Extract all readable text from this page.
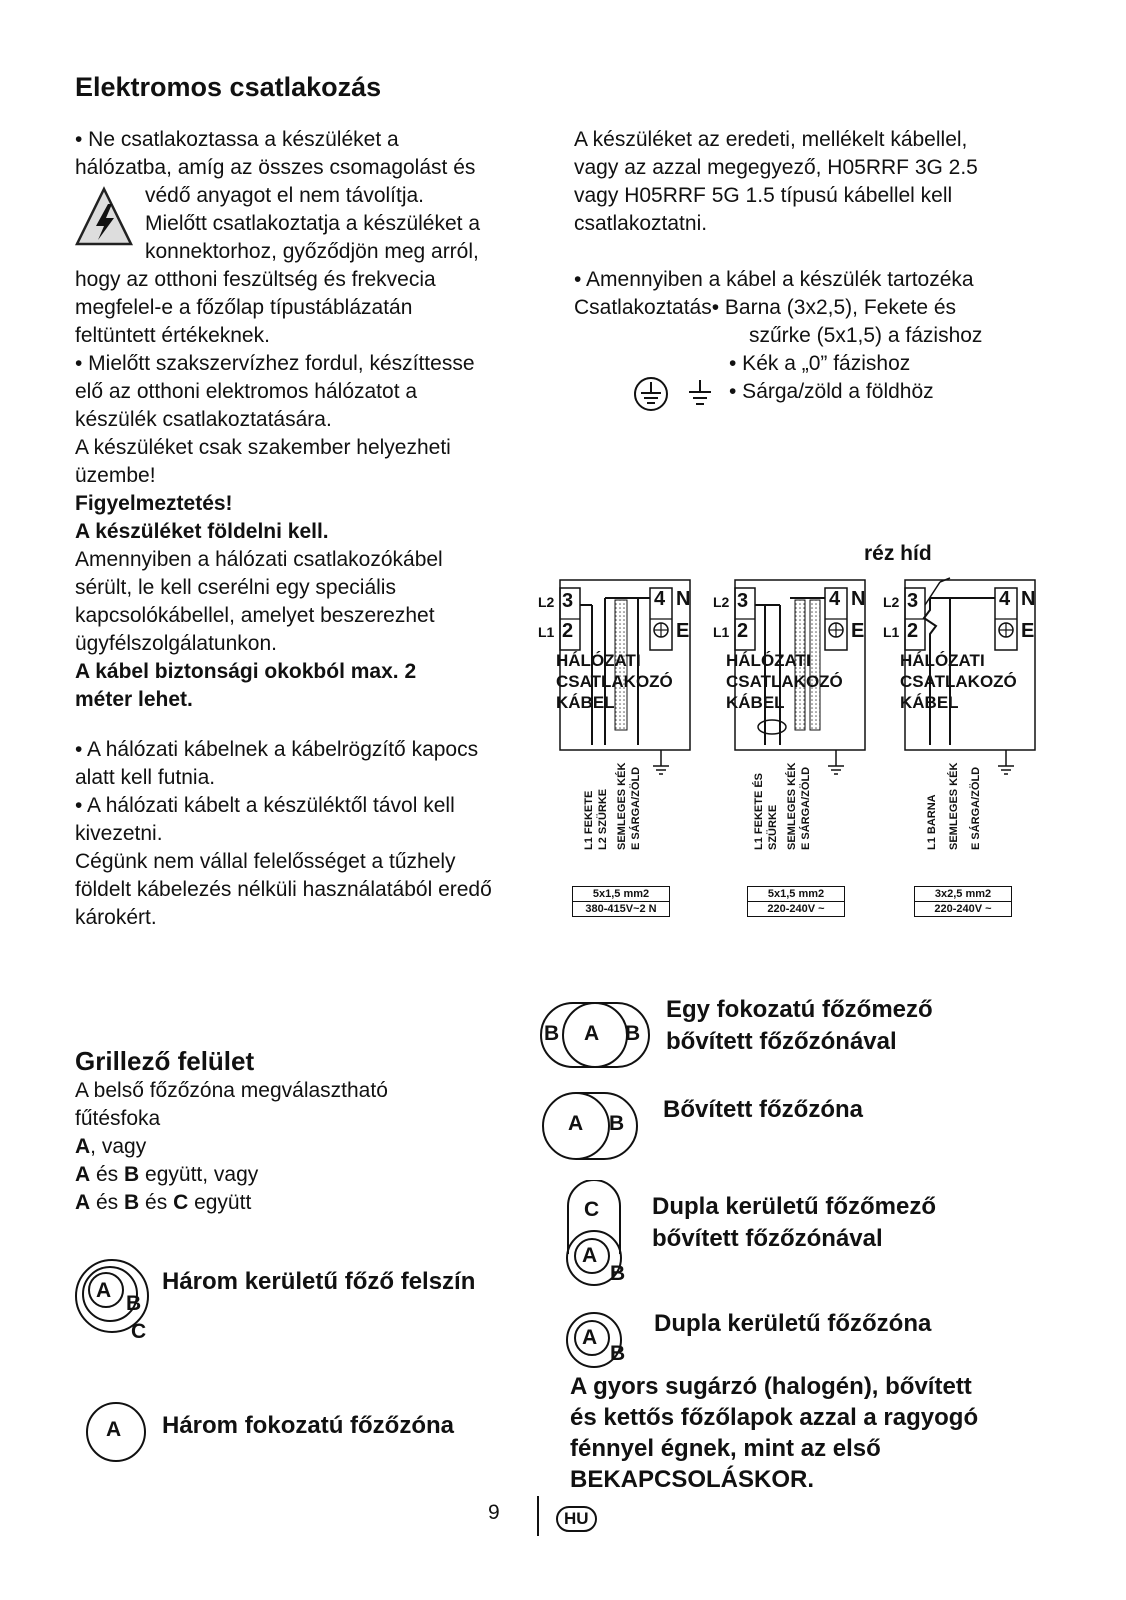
Elektromos csatlakozás
• Ne csatlakoztassa a készüléket a
hálózatba, amíg az összes csomagolást és
védő anyagot el nem távolítja.
Mielőtt csatlakoztatja a készüléket a
konnektorhoz, győződjön meg arról,
hogy az otthoni feszültség és frekvecia
megfelel-e a főzőlap típustáblázatán
feltüntett értékeknek.
• Mielőtt szakszervízhez fordul, készíttesse
elő az otthoni elektromos hálózatot a
készülék csatlakoztatására.
A készüléket csak szakember helyezheti
üzembe!
Figyelmeztetés!
A készüléket földelni kell.
Amennyiben a hálózati csatlakozókábel
sérült, le kell cserélni egy speciális
kapcsolókábellel, amelyet beszerezhet
ügyfélszolgálatunkon.
A kábel biztonsági okokból max. 2
méter lehet.
• A hálózati kábelnek a kábelrögzítő kapocs
alatt kell futnia.
• A hálózati kábelt a készüléktől távol kell
kivezetni.
Cégünk nem vállal felelősséget a tűzhely
földelt kábelezés nélküli használatából eredő
károkért.
A készüléket az eredeti, mellékelt kábellel,
vagy az azzal megegyező, H05RRF 3G 2.5
vagy H05RRF 5G 1.5 típusú kábellel kell
csatlakoztatni.
• Amennyiben a kábel a készülék tartozéka
Csatlakoztatás • Barna (3x2,5), Fekete és
szűrke (5x1,5) a fázishoz
• Kék a „0” fázishoz
• Sárga/zöld a földhöz
réz híd
L2
L1
3
2
4 N
E
L2
L1
3
2
4 N
E
L2
L1
3
2
4 N
E
HÁLÓZATI
CSATLAKOZÓ
KÁBEL
HÁLÓZATI
CSATLAKOZÓ
KÁBEL
HÁLÓZATI
CSATLAKOZÓ
KÁBEL
L1 FEKETE L2 SZÜRKE SEMLEGES KÉK E SÁRGA/ZÖLD	L1 FEKETE ÉS SZÜRKE SEMLEGES KÉK E SÁRGA/ZÖLD	L1 BARNA SEMLEGES KÉK E SÁRGA/ZÖLD
5x1,5 mm2
380-415V~2 N
5x1,5 mm2
220-240V ~
3x2,5 mm2
220-240V ~
Grillező felület
A belső főzőzóna megválasztható
fűtésfoka
A, vagy
A és B együtt, vagy
A és B és C együtt
A
B
C
Három kerületű főző felszín
A Három fokozatú főzőzóna
B A B
Egy fokozatú főzőmező
bővített főzőzónával
A B
Bővített főzőzóna
C
A
B
Dupla kerületű főzőmező
bővített főzőzónával
A
B
Dupla kerületű főzőzóna
A gyors sugárzó (halogén), bővített
és kettős főzőlapok azzal a ragyogó
fénnyel égnek, mint az első
BEKAPCSOLÁSKOR.
9	HU
